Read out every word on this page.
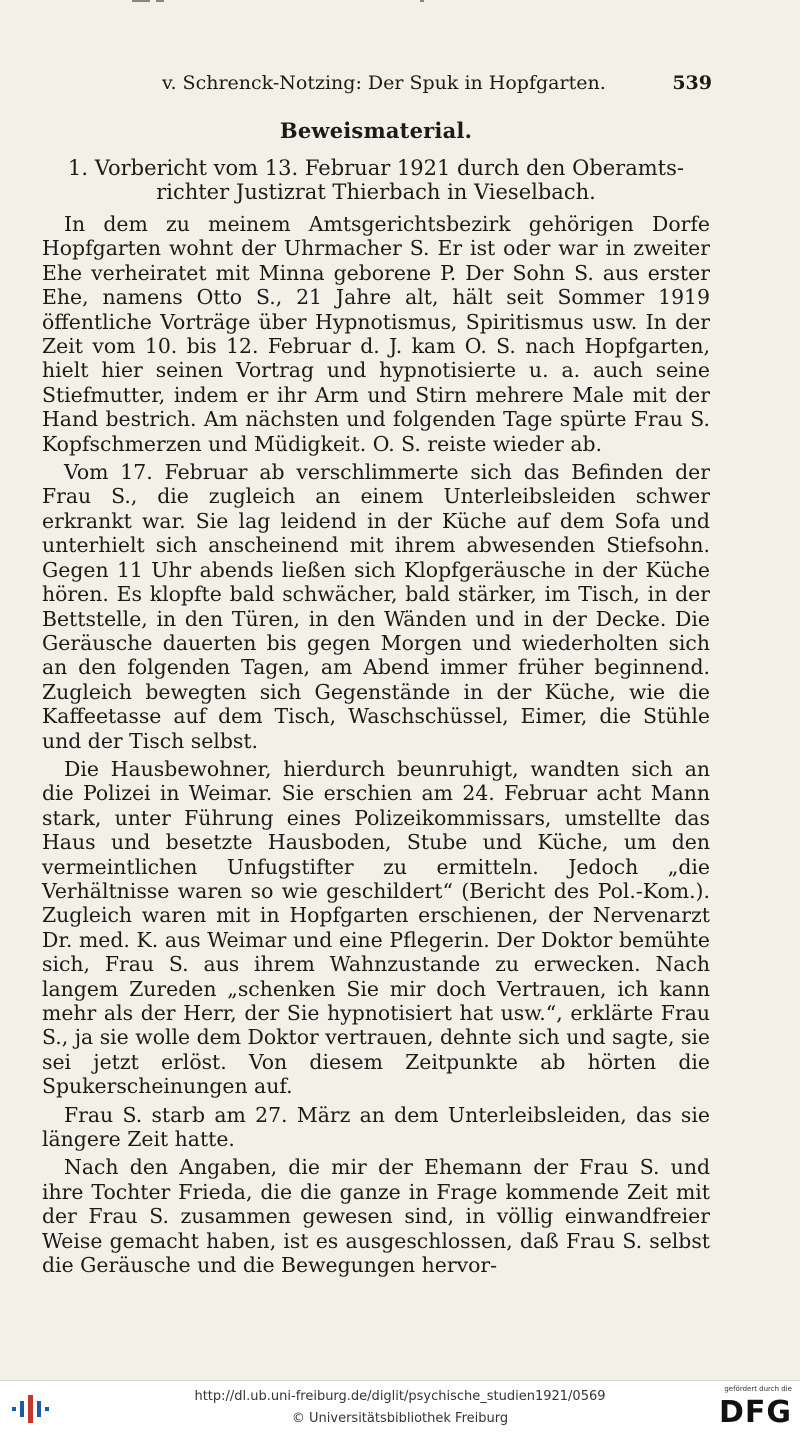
v. Schrenck-Notzing: Der Spuk in Hopfgarten.	539
Beweismaterial.
1. Vorbericht vom 13. Februar 1921 durch den Oberamts-
richter Justizrat Thierbach in Vieselbach.

In dem zu meinem Amtsgerichtsbezirk gehörigen Dorfe Hopfgarten wohnt der Uhrmacher S. Er ist oder war in zweiter Ehe verheiratet mit Minna geborene P. Der Sohn S. aus erster Ehe, namens Otto S., 21 Jahre alt, hält seit Sommer 1919 öffentliche Vorträge über Hypnotismus, Spiritismus usw. In der Zeit vom 10. bis 12. Februar d. J. kam O. S. nach Hopfgarten, hielt hier seinen Vortrag und hypnotisierte u. a. auch seine Stiefmutter, indem er ihr Arm und Stirn mehrere Male mit der Hand bestrich. Am nächsten und folgenden Tage spürte Frau S. Kopfschmerzen und Müdigkeit. O. S. reiste wieder ab.

Vom 17. Februar ab verschlimmerte sich das Befinden der Frau S., die zugleich an einem Unterleibsleiden schwer erkrankt war. Sie lag leidend in der Küche auf dem Sofa und unterhielt sich anscheinend mit ihrem abwesenden Stiefsohn. Gegen 11 Uhr abends ließen sich Klopfgeräusche in der Küche hören. Es klopfte bald schwächer, bald stärker, im Tisch, in der Bettstelle, in den Türen, in den Wänden und in der Decke. Die Geräusche dauerten bis gegen Morgen und wiederholten sich an den folgenden Tagen, am Abend immer früher beginnend. Zugleich bewegten sich Gegenstände in der Küche, wie die Kaffeetasse auf dem Tisch, Waschschüssel, Eimer, die Stühle und der Tisch selbst.

Die Hausbewohner, hierdurch beunruhigt, wandten sich an die Polizei in Weimar. Sie erschien am 24. Februar acht Mann stark, unter Führung eines Polizeikommissars, umstellte das Haus und besetzte Hausboden, Stube und Küche, um den vermeintlichen Unfugstifter zu ermitteln. Jedoch „die Verhältnisse waren so wie geschildert“ (Bericht des Pol.-Kom.). Zugleich waren mit in Hopfgarten erschienen, der Nervenarzt Dr. med. K. aus Weimar und eine Pflegerin. Der Doktor bemühte sich, Frau S. aus ihrem Wahnzustande zu erwecken. Nach langem Zureden „schenken Sie mir doch Vertrauen, ich kann mehr als der Herr, der Sie hypnotisiert hat usw.“, erklärte Frau S., ja sie wolle dem Doktor vertrauen, dehnte sich und sagte, sie sei jetzt erlöst. Von diesem Zeitpunkte ab hörten die Spukerscheinungen auf.

Frau S. starb am 27. März an dem Unterleibsleiden, das sie längere Zeit hatte.

Nach den Angaben, die mir der Ehemann der Frau S. und ihre Tochter Frieda, die die ganze in Frage kommende Zeit mit der Frau S. zusammen gewesen sind, in völlig einwandfreier Weise gemacht haben, ist es ausgeschlossen, daß Frau S. selbst die Geräusche und die Bewegungen hervor-

http://dl.ub.uni-freiburg.de/diglit/psychische_studien1921/0569
© Universitätsbibliothek Freiburg
gefördert durch die
DFG
